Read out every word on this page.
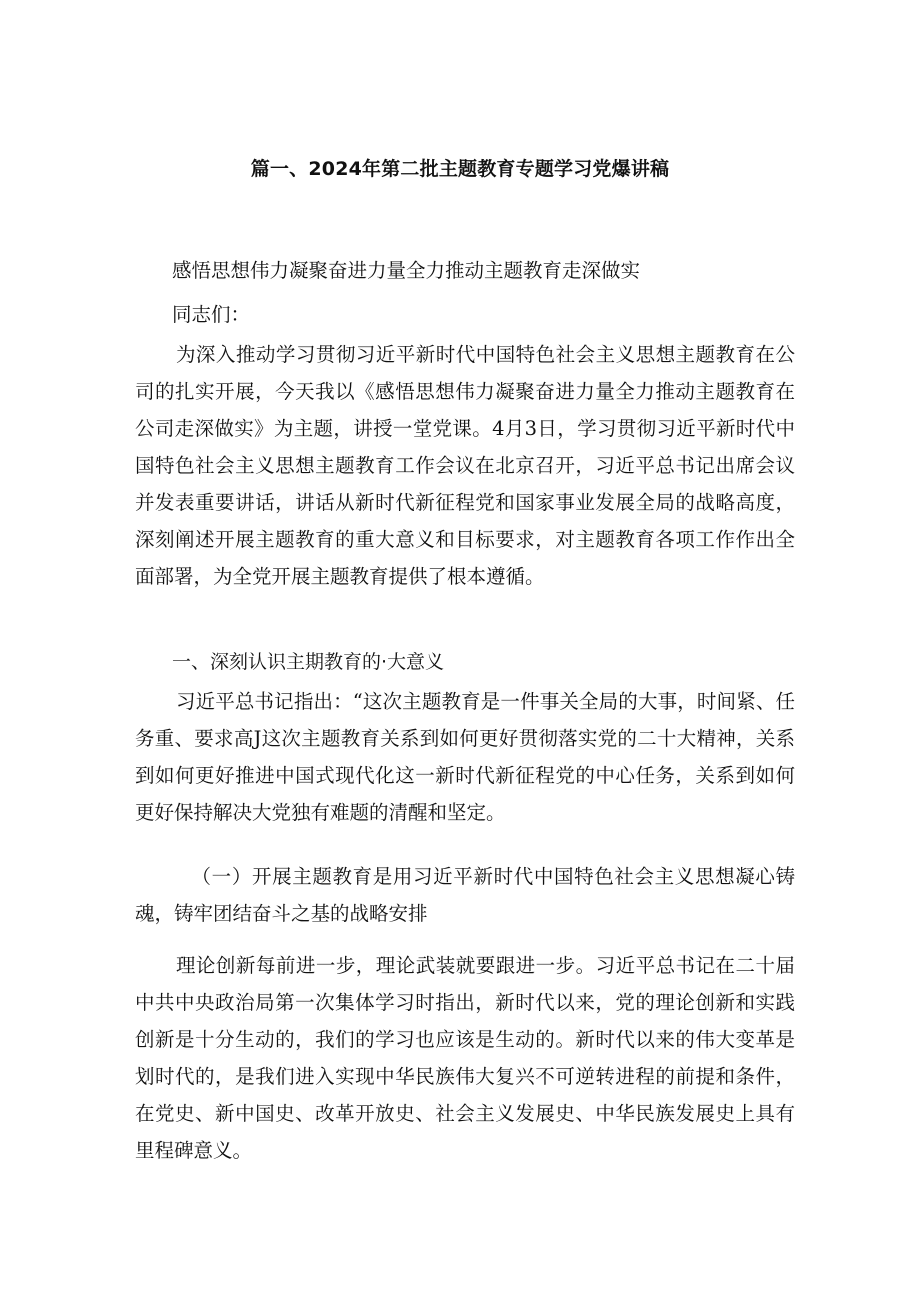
篇一、2024年第二批主题教育专题学习党爆讲稿

感悟思想伟力凝聚奋进力量全力推动主题教育走深做实

同志们：

为深入推动学习贯彻习近平新时代中国特色社会主义思想主题教育在公司的扎实开展，今天我以《感悟思想伟力凝聚奋进力量全力推动主题教育在公司走深做实》为主题，讲授一堂党课。4月3日，学习贯彻习近平新时代中国特色社会主义思想主题教育工作会议在北京召开，习近平总书记出席会议并发表重要讲话，讲话从新时代新征程党和国家事业发展全局的战略高度，深刻阐述开展主题教育的重大意义和目标要求，对主题教育各项工作作出全面部署，为全党开展主题教育提供了根本遵循。

一、深刻认识主期教育的·大意义

习近平总书记指出：“这次主题教育是一件事关全局的大事，时间紧、任务重、要求高J这次主题教育关系到如何更好贯彻落实党的二十大精神，关系到如何更好推进中国式现代化这一新时代新征程党的中心任务，关系到如何更好保持解决大党独有难题的清醒和坚定。

（一）开展主题教育是用习近平新时代中国特色社会主义思想凝心铸魂，铸牢团结奋斗之基的战略安排

理论创新每前进一步，理论武装就要跟进一步。习近平总书记在二十届中共中央政治局第一次集体学习时指出，新时代以来，党的理论创新和实践创新是十分生动的，我们的学习也应该是生动的。新时代以来的伟大变革是划时代的，是我们进入实现中华民族伟大复兴不可逆转进程的前提和条件，在党史、新中国史、改革开放史、社会主义发展史、中华民族发展史上具有里程碑意义。
